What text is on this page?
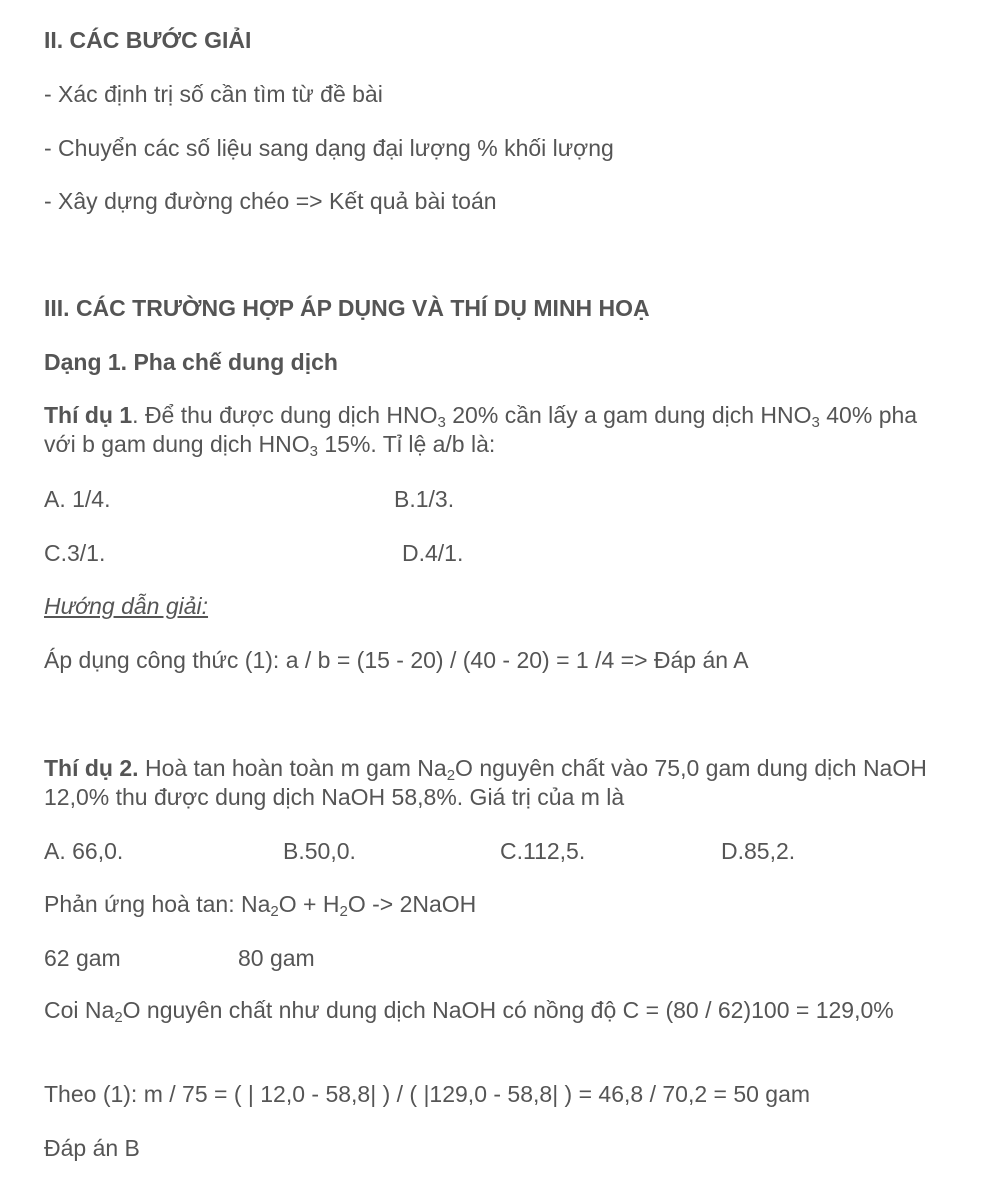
II. CÁC BƯỚC GIẢI
- Xác định trị số cần tìm từ đề bài
- Chuyển các số liệu sang dạng đại lượng % khối lượng
- Xây dựng đường chéo => Kết quả bài toán
III. CÁC TRƯỜNG HỢP ÁP DỤNG VÀ THÍ DỤ MINH HOẠ
Dạng 1. Pha chế dung dịch
Thí dụ 1. Để thu được dung dịch $HNO_3$ 20% cần lấy a gam dung dịch $HNO_3$ 40% pha với b gam dung dịch $HNO_3$ 15%. Tỉ lệ a/b là:
A. 1/4.	B.1/3.
C.3/1.	D.4/1.
Hướng dẫn giải:
Áp dụng công thức (1): a / b = (15 - 20) / (40 - 20) = 1 /4 => Đáp án A
Thí dụ 2. Hoà tan hoàn toàn m gam $Na_2O$ nguyên chất vào 75,0 gam dung dịch NaOH 12,0% thu được dung dịch NaOH 58,8%. Giá trị của m là
A. 66,0.	B.50,0.	C.112,5.	D.85,2.
Phản ứng hoà tan: $Na_2O + H_2O$ -> 2NaOH
62 gam	80 gam
Coi $Na_2O$ nguyên chất như dung dịch NaOH có nồng độ C = (80 / 62)100 = 129,0%
Theo (1): m / 75 = ( | 12,0 - 58,8| ) / ( |129,0 - 58,8| ) = 46,8 / 70,2 = 50 gam
Đáp án B
